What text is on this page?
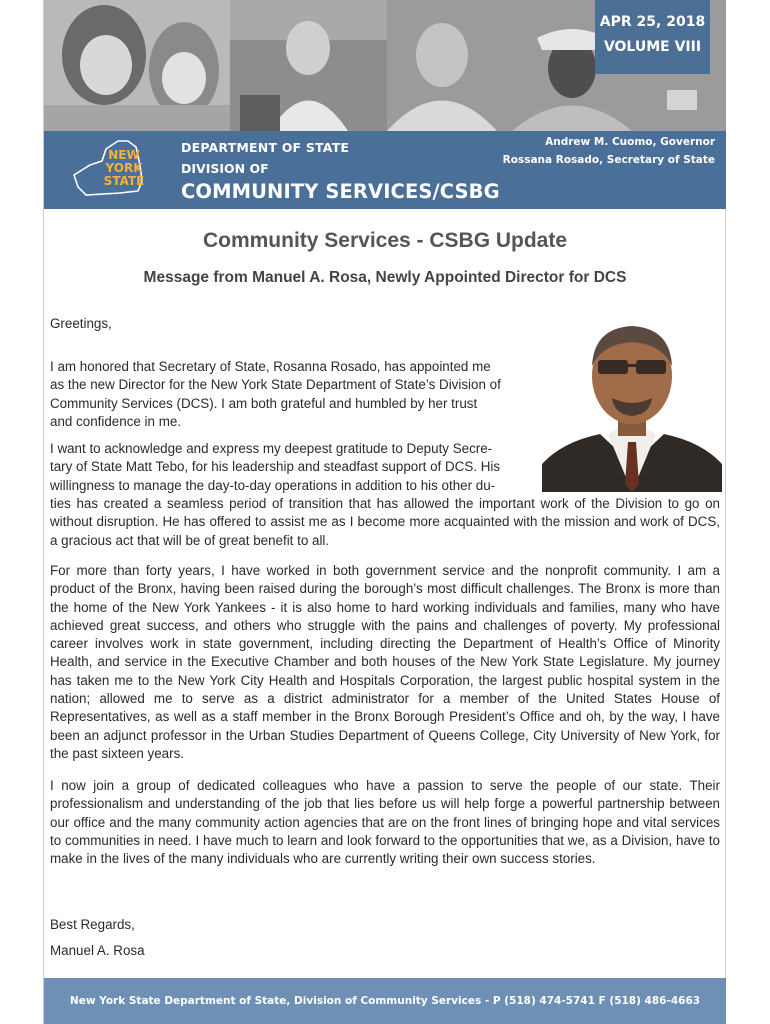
APR 25, 2018
VOLUME VIII
NEW
YORK
STATE
DEPARTMENT OF STATE
DIVISION OF
COMMUNITY SERVICES/CSBG
Andrew M. Cuomo, Governor
Rossana Rosado, Secretary of State
Community Services - CSBG Update
Message from Manuel A. Rosa, Newly Appointed Director for DCS

Greetings,

I am honored that Secretary of State, Rosanna Rosado, has appointed me
as the new Director for the New York State Department of State’s Division of
Community Services (DCS). I am both grateful and humbled by her trust
and confidence in me.
I want to acknowledge and express my deepest gratitude to Deputy Secre-
tary of State Matt Tebo, for his leadership and steadfast support of DCS. His
willingness to manage the day-to-day operations in addition to his other du-

ties has created a seamless period of transition that has allowed the important work of the Division to go on without disruption. He has offered to assist me as I become more acquainted with the mission and work of DCS, a gracious act that will be of great benefit to all.

For more than forty years, I have worked in both government service and the nonprofit community. I am a product of the Bronx, having been raised during the borough’s most difficult challenges. The Bronx is more than the home of the New York Yankees - it is also home to hard working individuals and families, many who have achieved great success, and others who struggle with the pains and challenges of poverty. My professional career involves work in state government, including directing the Department of Health’s Office of Minority Health, and service in the Executive Chamber and both houses of the New York State Legislature. My journey has taken me to the New York City Health and Hospitals Corporation, the largest public hospital system in the nation; allowed me to serve as a district administrator for a member of the United States House of Representatives, as well as a staff member in the Bronx Borough President’s Office and oh, by the way, I have been an adjunct professor in the Urban Studies Department of Queens College, City University of New York, for the past sixteen years.

I now join a group of dedicated colleagues who have a passion to serve the people of our state. Their professionalism and understanding of the job that lies before us will help forge a powerful partnership between our office and the many community action agencies that are on the front lines of bringing hope and vital services to communities in need. I have much to learn and look forward to the opportunities that we, as a Division, have to make in the lives of the many individuals who are currently writing their own success stories.

Best Regards,

Manuel A. Rosa

New York State Department of State, Division of Community Services - P (518) 474-5741 F (518) 486-4663
